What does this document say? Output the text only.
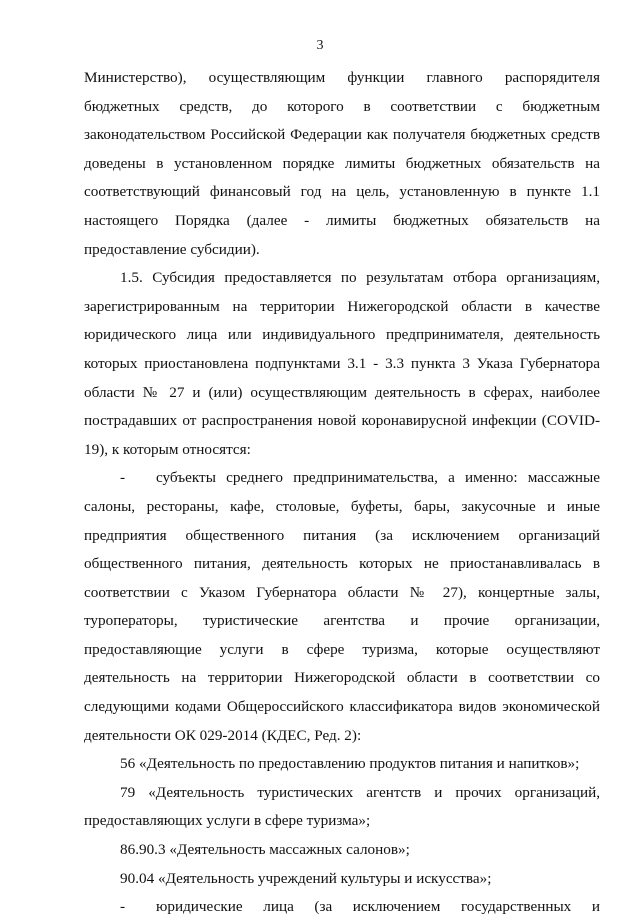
3

Министерство), осуществляющим функции главного распорядителя бюджетных средств, до которого в соответствии с бюджетным законодательством Российской Федерации как получателя бюджетных средств доведены в установленном порядке лимиты бюджетных обязательств на соответствующий финансовый год на цель, установленную в пункте 1.1 настоящего Порядка (далее - лимиты бюджетных обязательств на предоставление субсидии).

1.5. Субсидия предоставляется по результатам отбора организациям, зарегистрированным на территории Нижегородской области в качестве юридического лица или индивидуального предпринимателя, деятельность которых приостановлена подпунктами 3.1 - 3.3 пункта 3 Указа Губернатора области № 27 и (или) осуществляющим деятельность в сферах, наиболее пострадавших от распространения новой коронавирусной инфекции (COVID-19), к которым относятся:

- субъекты среднего предпринимательства, а именно: массажные салоны, рестораны, кафе, столовые, буфеты, бары, закусочные и иные предприятия общественного питания (за исключением организаций общественного питания, деятельность которых не приостанавливалась в соответствии с Указом Губернатора области № 27), концертные залы, туроператоры, туристические агентства и прочие организации, предоставляющие услуги в сфере туризма, которые осуществляют деятельность на территории Нижегородской области в соответствии со следующими кодами Общероссийского классификатора видов экономической деятельности ОК 029-2014 (КДЕС, Ред. 2):

56 «Деятельность по предоставлению продуктов питания и напитков»;

79 «Деятельность туристических агентств и прочих организаций, предоставляющих услуги в сфере туризма»;

86.90.3 «Деятельность массажных салонов»;

90.04 «Деятельность учреждений культуры и искусства»;

- юридические лица (за исключением государственных и
